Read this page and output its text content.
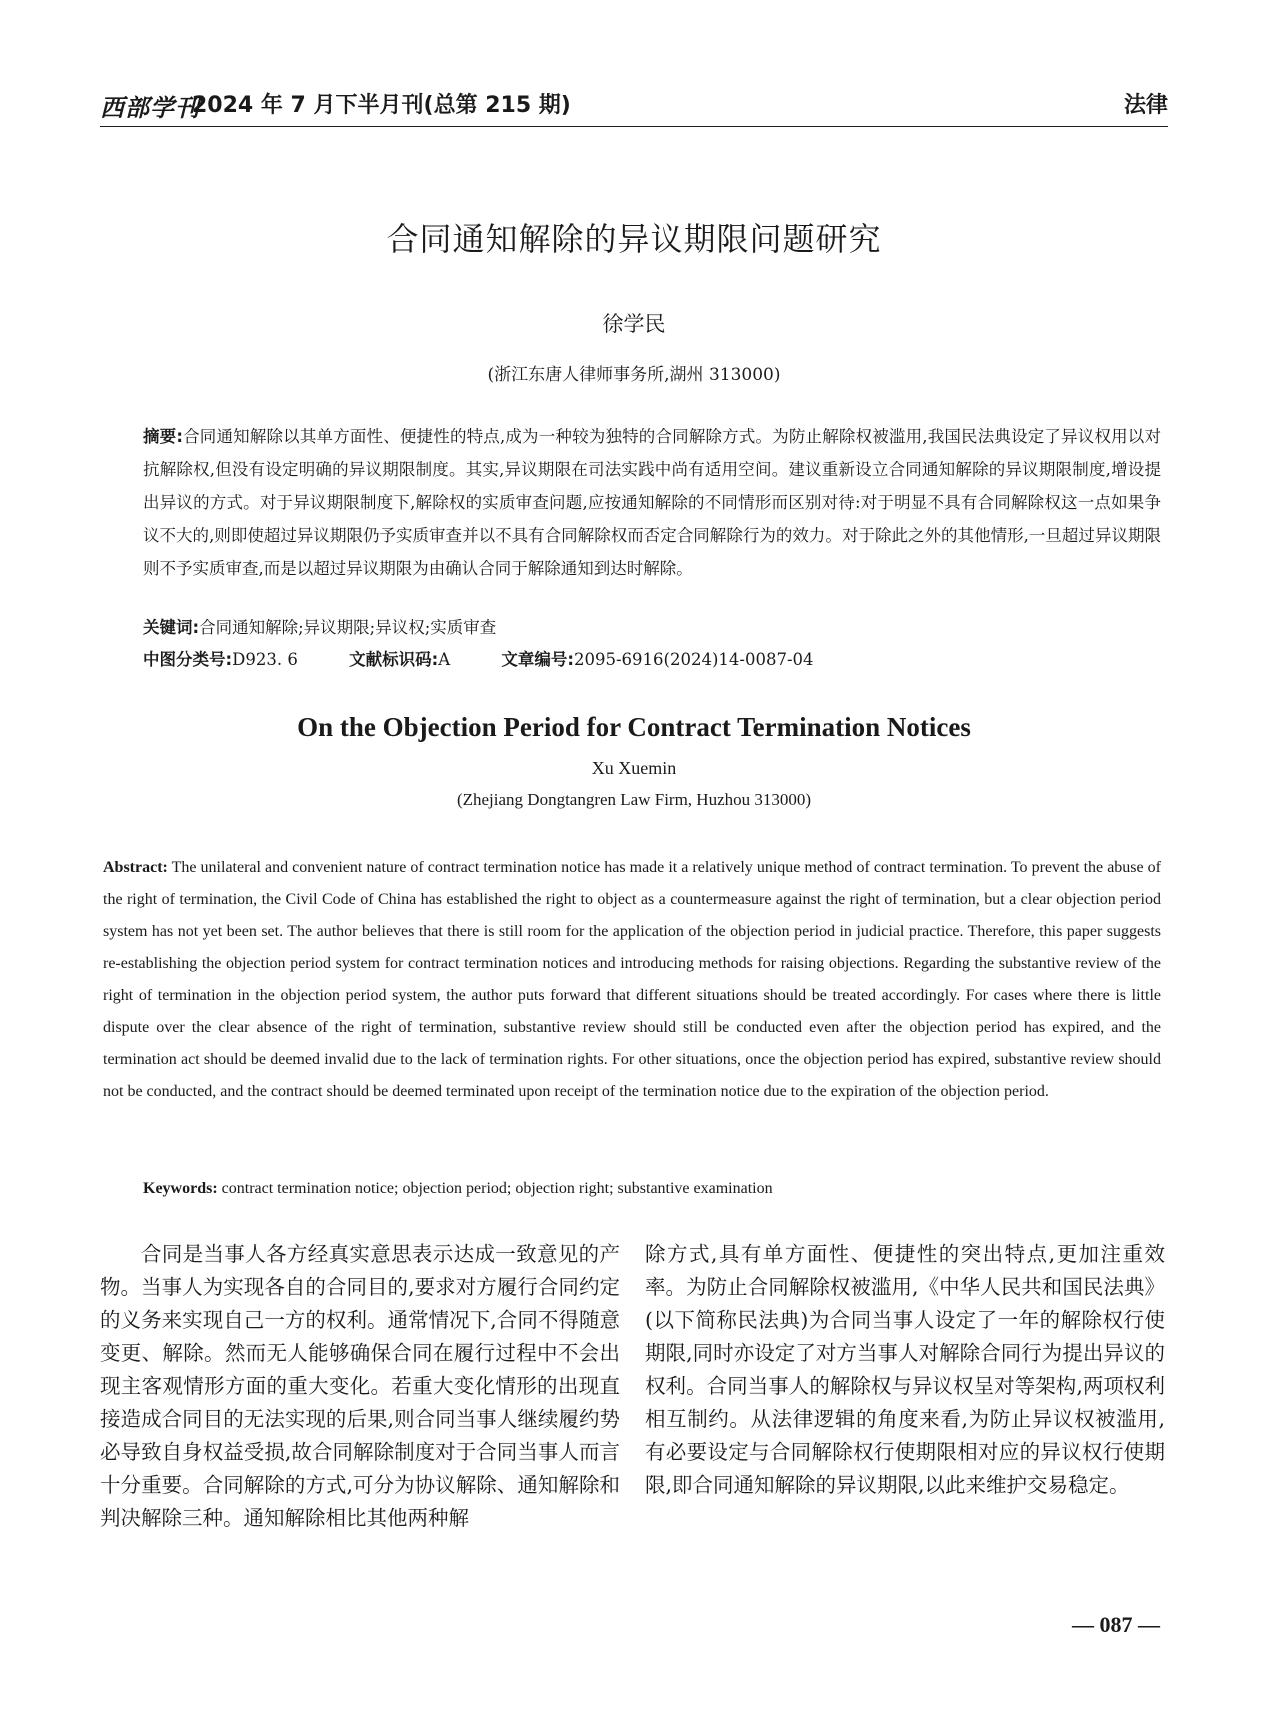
西部学刊
2024 年 7 月下半月刊(总第 215 期)	法律
合同通知解除的异议期限问题研究
徐学民
(浙江东唐人律师事务所,湖州 313000)
摘要:合同通知解除以其单方面性、便捷性的特点,成为一种较为独特的合同解除方式。为防止解除权被滥用,我国民法典设定了异议权用以对抗解除权,但没有设定明确的异议期限制度。其实,异议期限在司法实践中尚有适用空间。建议重新设立合同通知解除的异议期限制度,增设提出异议的方式。对于异议期限制度下,解除权的实质审查问题,应按通知解除的不同情形而区别对待:对于明显不具有合同解除权这一点如果争议不大的,则即使超过异议期限仍予实质审查并以不具有合同解除权而否定合同解除行为的效力。对于除此之外的其他情形,一旦超过异议期限则不予实质审查,而是以超过异议期限为由确认合同于解除通知到达时解除。
关键词:合同通知解除;异议期限;异议权;实质审查
中图分类号:D923. 6	文献标识码:A	文章编号:2095-6916(2024)14-0087-04
On the Objection Period for Contract Termination Notices
Xu Xuemin
(Zhejiang Dongtangren Law Firm, Huzhou 313000)
Abstract: The unilateral and convenient nature of contract termination notice has made it a relatively unique method of contract termination. To prevent the abuse of the right of termination, the Civil Code of China has established the right to object as a countermeasure against the right of termination, but a clear objection period system has not yet been set. The author believes that there is still room for the application of the objection period in judicial practice. Therefore, this paper suggests re-establishing the objection period system for contract termination notices and introducing methods for raising objections. Regarding the substantive review of the right of termination in the objection period system, the author puts forward that different situations should be treated accordingly. For cases where there is little dispute over the clear absence of the right of termination, substantive review should still be conducted even after the objection period has expired, and the termination act should be deemed invalid due to the lack of termination rights. For other situations, once the objection period has expired, substantive review should not be conducted, and the contract should be deemed terminated upon receipt of the termination notice due to the expiration of the objection period.
Keywords: contract termination notice; objection period; objection right; substantive examination
合同是当事人各方经真实意思表示达成一致意见的产物。当事人为实现各自的合同目的,要求对方履行合同约定的义务来实现自己一方的权利。通常情况下,合同不得随意变更、解除。然而无人能够确保合同在履行过程中不会出现主客观情形方面的重大变化。若重大变化情形的出现直接造成合同目的无法实现的后果,则合同当事人继续履约势必导致自身权益受损,故合同解除制度对于合同当事人而言十分重要。合同解除的方式,可分为协议解除、通知解除和判决解除三种。通知解除相比其他两种解
除方式,具有单方面性、便捷性的突出特点,更加注重效率。为防止合同解除权被滥用,《中华人民共和国民法典》(以下简称民法典)为合同当事人设定了一年的解除权行使期限,同时亦设定了对方当事人对解除合同行为提出异议的权利。合同当事人的解除权与异议权呈对等架构,两项权利相互制约。从法律逻辑的角度来看,为防止异议权被滥用,有必要设定与合同解除权行使期限相对应的异议权行使期限,即合同通知解除的异议期限,以此来维护交易稳定。
— 087 —
